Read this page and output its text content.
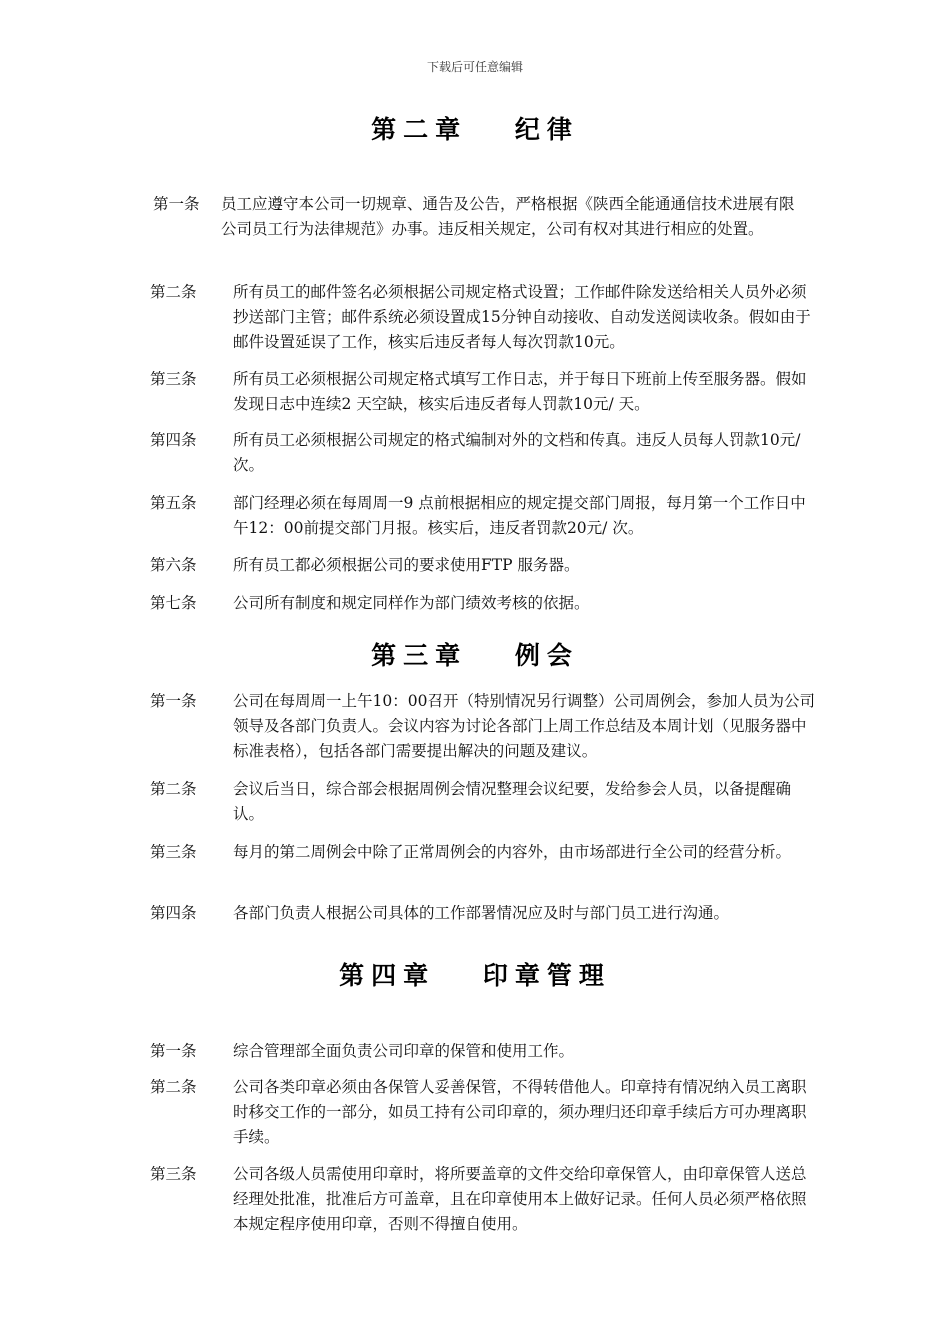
下载后可任意编辑
第二章　 纪律
第一条 员工应遵守本公司一切规章、通告及公告，严格根据《陕西全能通通信技术进展有限公司员工行为法律规范》办事。违反相关规定，公司有权对其进行相应的处置。
第二条 所有员工的邮件签名必须根据公司规定格式设置；工作邮件除发送给相关人员外必须抄送部门主管；邮件系统必须设置成15分钟自动接收、自动发送阅读收条。假如由于邮件设置延误了工作，核实后违反者每人每次罚款10元。
第三条 所有员工必须根据公司规定格式填写工作日志，并于每日下班前上传至服务器。假如发现日志中连续2 天空缺，核实后违反者每人罚款10元/ 天。
第四条 所有员工必须根据公司规定的格式编制对外的文档和传真。违反人员每人罚款10元/ 次。
第五条 部门经理必须在每周周一9 点前根据相应的规定提交部门周报，每月第一个工作日中午12：00前提交部门月报。核实后，违反者罚款20元/ 次。
第六条 所有员工都必须根据公司的要求使用FTP 服务器。
第七条 公司所有制度和规定同样作为部门绩效考核的依据。
第三章　 例会
第一条 公司在每周周一上午10：00召开（特别情况另行调整）公司周例会，参加人员为公司领导及各部门负责人。会议内容为讨论各部门上周工作总结及本周计划（见服务器中标准表格），包括各部门需要提出解决的问题及建议。
第二条 会议后当日，综合部会根据周例会情况整理会议纪要，发给参会人员，以备提醒确认。
第三条 每月的第二周例会中除了正常周例会的内容外，由市场部进行全公司的经营分析。
第四条 各部门负责人根据公司具体的工作部署情况应及时与部门员工进行沟通。
第四章　 印章管理
第一条 综合管理部全面负责公司印章的保管和使用工作。
第二条 公司各类印章必须由各保管人妥善保管，不得转借他人。印章持有情况纳入员工离职时移交工作的一部分，如员工持有公司印章的，须办理归还印章手续后方可办理离职手续。
第三条 公司各级人员需使用印章时，将所要盖章的文件交给印章保管人，由印章保管人送总经理处批准，批准后方可盖章，且在印章使用本上做好记录。任何人员必须严格依照本规定程序使用印章，否则不得擅自使用。
